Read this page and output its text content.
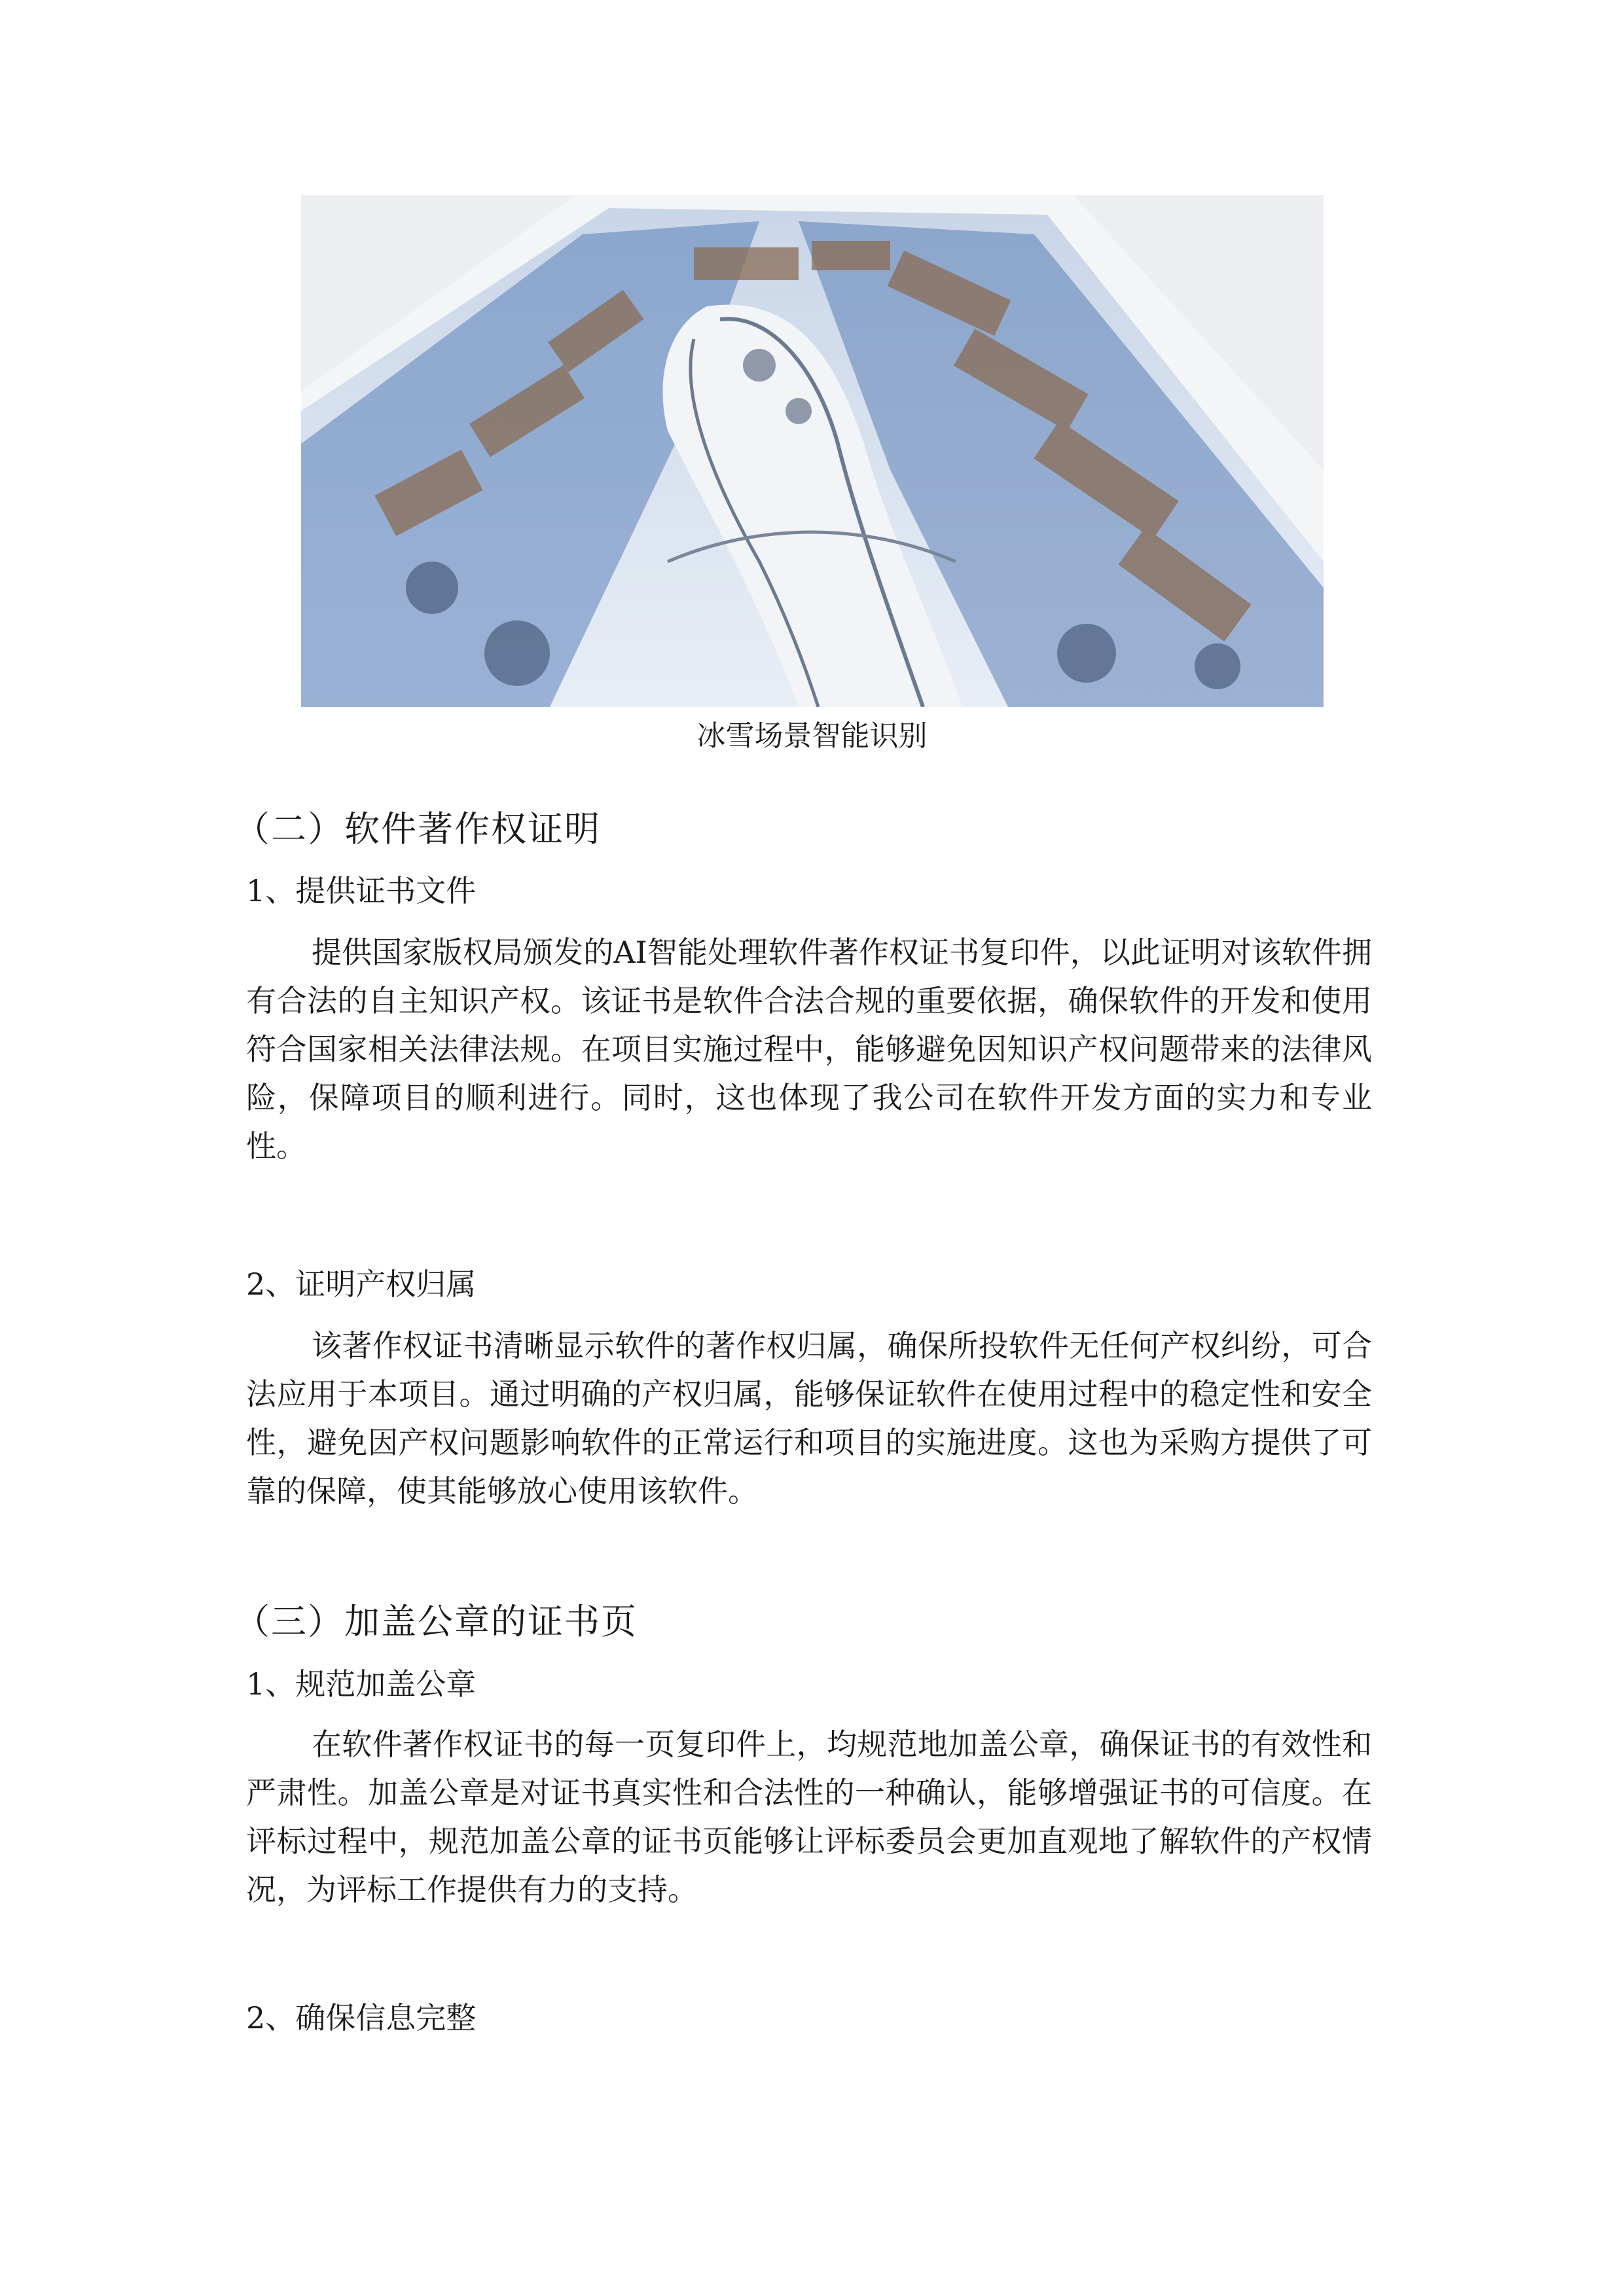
冰雪场景智能识别
（二）软件著作权证明
1、提供证书文件

提供国家版权局颁发的AI智能处理软件著作权证书复印件，以此证明对该软件拥有合法的自主知识产权。该证书是软件合法合规的重要依据，确保软件的开发和使用符合国家相关法律法规。在项目实施过程中，能够避免因知识产权问题带来的法律风险，保障项目的顺利进行。同时，这也体现了我公司在软件开发方面的实力和专业性。

2、证明产权归属

该著作权证书清晰显示软件的著作权归属，确保所投软件无任何产权纠纷，可合法应用于本项目。通过明确的产权归属，能够保证软件在使用过程中的稳定性和安全性，避免因产权问题影响软件的正常运行和项目的实施进度。这也为采购方提供了可靠的保障，使其能够放心使用该软件。

（三）加盖公章的证书页
1、规范加盖公章

在软件著作权证书的每一页复印件上，均规范地加盖公章，确保证书的有效性和严肃性。加盖公章是对证书真实性和合法性的一种确认，能够增强证书的可信度。在评标过程中，规范加盖公章的证书页能够让评标委员会更加直观地了解软件的产权情况，为评标工作提供有力的支持。

2、确保信息完整
